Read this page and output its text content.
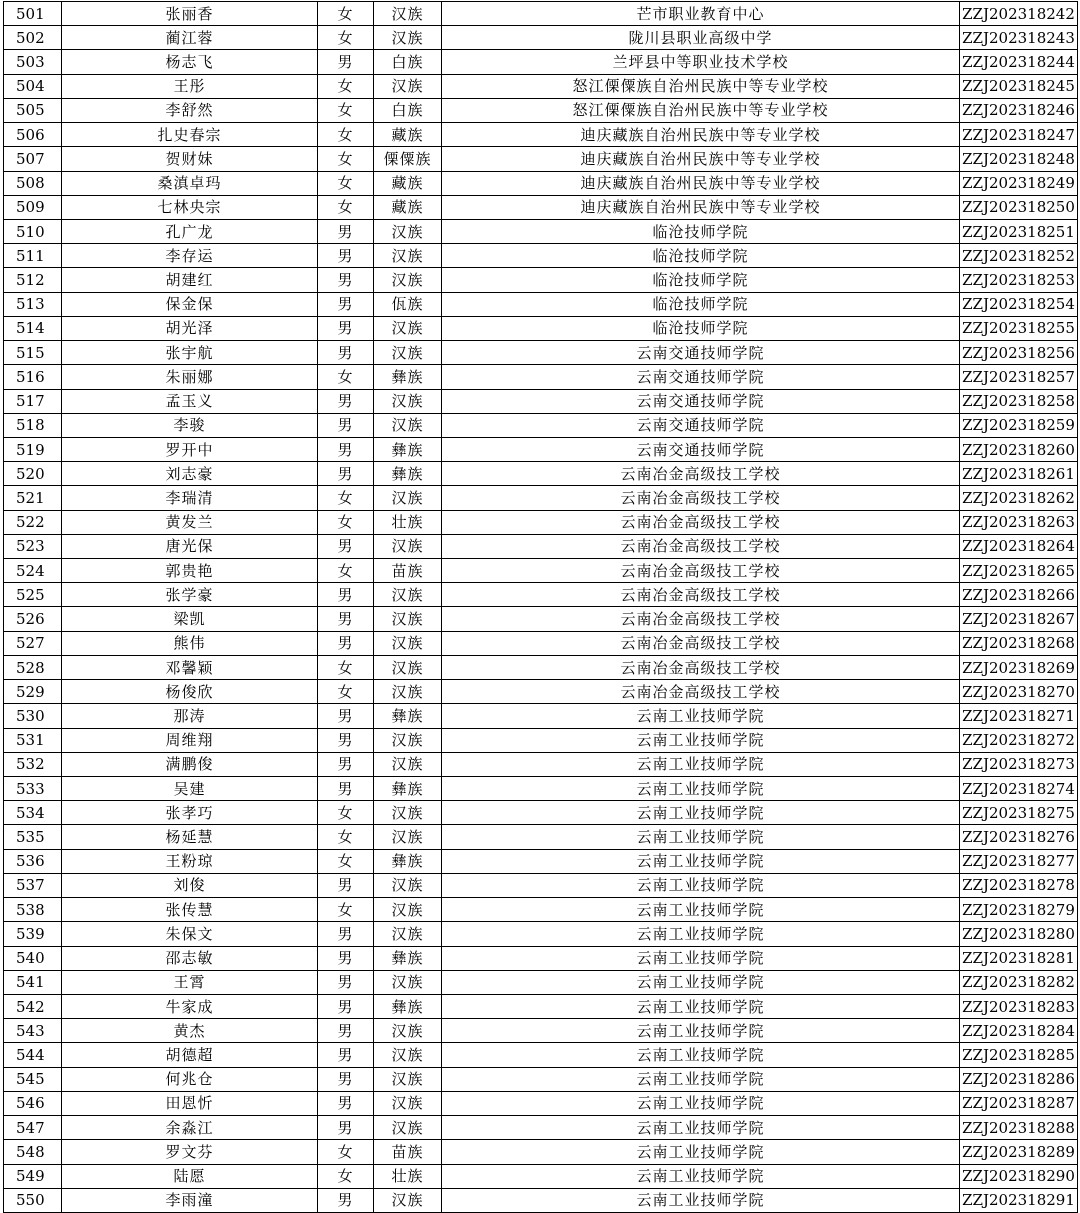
501	张丽香	女	汉族	芒市职业教育中心	ZZJ202318242
502	蔺江蓉	女	汉族	陇川县职业高级中学	ZZJ202318243
503	杨志飞	男	白族	兰坪县中等职业技术学校	ZZJ202318244
504	王彤	女	汉族	怒江傈僳族自治州民族中等专业学校	ZZJ202318245
505	李舒然	女	白族	怒江傈僳族自治州民族中等专业学校	ZZJ202318246
506	扎史春宗	女	藏族	迪庆藏族自治州民族中等专业学校	ZZJ202318247
507	贺财妹	女	傈僳族	迪庆藏族自治州民族中等专业学校	ZZJ202318248
508	桑滇卓玛	女	藏族	迪庆藏族自治州民族中等专业学校	ZZJ202318249
509	七林央宗	女	藏族	迪庆藏族自治州民族中等专业学校	ZZJ202318250
510	孔广龙	男	汉族	临沧技师学院	ZZJ202318251
511	李存运	男	汉族	临沧技师学院	ZZJ202318252
512	胡建红	男	汉族	临沧技师学院	ZZJ202318253
513	保金保	男	佤族	临沧技师学院	ZZJ202318254
514	胡光泽	男	汉族	临沧技师学院	ZZJ202318255
515	张宇航	男	汉族	云南交通技师学院	ZZJ202318256
516	朱丽娜	女	彝族	云南交通技师学院	ZZJ202318257
517	孟玉义	男	汉族	云南交通技师学院	ZZJ202318258
518	李骏	男	汉族	云南交通技师学院	ZZJ202318259
519	罗开中	男	彝族	云南交通技师学院	ZZJ202318260
520	刘志豪	男	彝族	云南冶金高级技工学校	ZZJ202318261
521	李瑞清	女	汉族	云南冶金高级技工学校	ZZJ202318262
522	黄发兰	女	壮族	云南冶金高级技工学校	ZZJ202318263
523	唐光保	男	汉族	云南冶金高级技工学校	ZZJ202318264
524	郭贵艳	女	苗族	云南冶金高级技工学校	ZZJ202318265
525	张学豪	男	汉族	云南冶金高级技工学校	ZZJ202318266
526	梁凯	男	汉族	云南冶金高级技工学校	ZZJ202318267
527	熊伟	男	汉族	云南冶金高级技工学校	ZZJ202318268
528	邓馨颖	女	汉族	云南冶金高级技工学校	ZZJ202318269
529	杨俊欣	女	汉族	云南冶金高级技工学校	ZZJ202318270
530	那涛	男	彝族	云南工业技师学院	ZZJ202318271
531	周维翔	男	汉族	云南工业技师学院	ZZJ202318272
532	满鹏俊	男	汉族	云南工业技师学院	ZZJ202318273
533	吴建	男	彝族	云南工业技师学院	ZZJ202318274
534	张孝巧	女	汉族	云南工业技师学院	ZZJ202318275
535	杨延慧	女	汉族	云南工业技师学院	ZZJ202318276
536	王粉琼	女	彝族	云南工业技师学院	ZZJ202318277
537	刘俊	男	汉族	云南工业技师学院	ZZJ202318278
538	张传慧	女	汉族	云南工业技师学院	ZZJ202318279
539	朱保文	男	汉族	云南工业技师学院	ZZJ202318280
540	邵志敏	男	彝族	云南工业技师学院	ZZJ202318281
541	王霄	男	汉族	云南工业技师学院	ZZJ202318282
542	牛家成	男	彝族	云南工业技师学院	ZZJ202318283
543	黄杰	男	汉族	云南工业技师学院	ZZJ202318284
544	胡德超	男	汉族	云南工业技师学院	ZZJ202318285
545	何兆仓	男	汉族	云南工业技师学院	ZZJ202318286
546	田恩忻	男	汉族	云南工业技师学院	ZZJ202318287
547	余淼江	男	汉族	云南工业技师学院	ZZJ202318288
548	罗文芬	女	苗族	云南工业技师学院	ZZJ202318289
549	陆愿	女	壮族	云南工业技师学院	ZZJ202318290
550	李雨潼	男	汉族	云南工业技师学院	ZZJ202318291
